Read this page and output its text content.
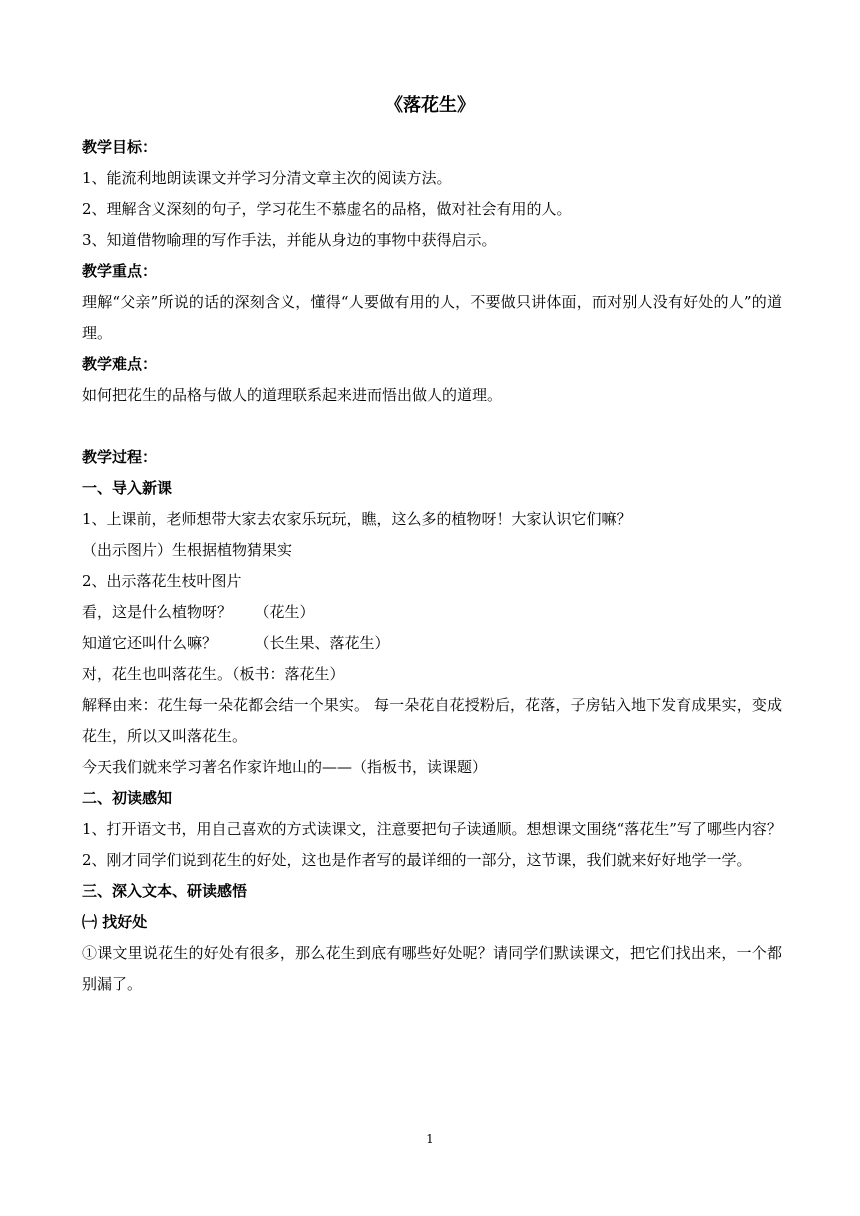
《落花生》
教学目标：
1、能流利地朗读课文并学习分清文章主次的阅读方法。
2、理解含义深刻的句子，学习花生不慕虚名的品格，做对社会有用的人。
3、知道借物喻理的写作手法，并能从身边的事物中获得启示。
教学重点：
理解“父亲”所说的话的深刻含义，懂得“人要做有用的人，不要做只讲体面，而对别人没有好处的人”的道理。
教学难点：
如何把花生的品格与做人的道理联系起来进而悟出做人的道理。
教学过程：
一、导入新课
1、上课前，老师想带大家去农家乐玩玩，瞧，这么多的植物呀！大家认识它们嘛？
（出示图片）生根据植物猜果实
2、出示落花生枝叶图片
看，这是什么植物呀？　　（花生）
知道它还叫什么嘛？　　　（长生果、落花生）
对，花生也叫落花生。（板书：落花生）
解释由来：花生每一朵花都会结一个果实。 每一朵花自花授粉后，花落，子房钻入地下发育成果实，变成花生，所以又叫落花生。
今天我们就来学习著名作家许地山的——（指板书，读课题）
二、初读感知
1、打开语文书，用自己喜欢的方式读课文，注意要把句子读通顺。想想课文围绕“落花生”写了哪些内容？
2、刚才同学们说到花生的好处，这也是作者写的最详细的一部分，这节课，我们就来好好地学一学。
三、深入文本、研读感悟
㈠ 找好处
①课文里说花生的好处有很多，那么花生到底有哪些好处呢？请同学们默读课文，把它们找出来，一个都别漏了。
1
